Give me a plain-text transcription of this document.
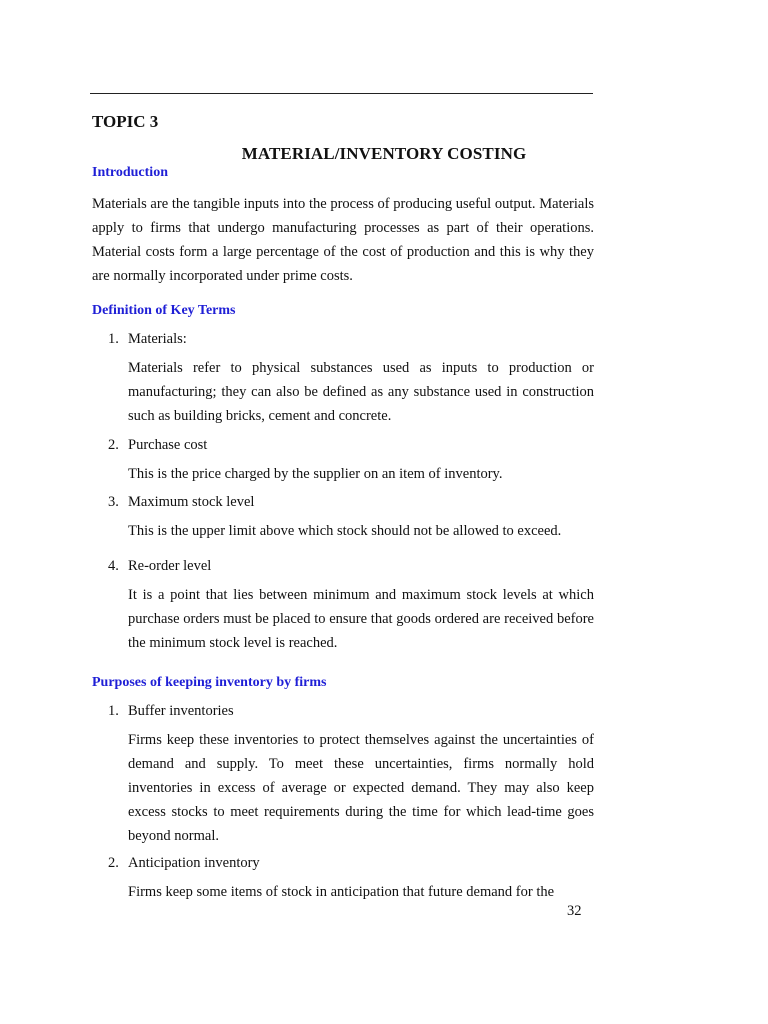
TOPIC 3
MATERIAL/INVENTORY COSTING
Introduction
Materials are the tangible inputs into the process of producing useful output. Materials apply to firms that undergo manufacturing processes as part of their operations. Material costs form a large percentage of the cost of production and this is why they are normally incorporated under prime costs.
Definition of Key Terms
1. Materials:
Materials refer to physical substances used as inputs to production or manufacturing; they can also be defined as any substance used in construction such as building bricks, cement and concrete.
2. Purchase cost
This is the price charged by the supplier on an item of inventory.
3. Maximum stock level
This is the upper limit above which stock should not be allowed to exceed.
4. Re-order level
It is a point that lies between minimum and maximum stock levels at which purchase orders must be placed to ensure that goods ordered are received before the minimum stock level is reached.
Purposes of keeping inventory by firms
1. Buffer inventories
Firms keep these inventories to protect themselves against the uncertainties of demand and supply. To meet these uncertainties, firms normally hold inventories in excess of average or expected demand. They may also keep excess stocks to meet requirements during the time for which lead-time goes beyond normal.
2. Anticipation inventory
Firms keep some items of stock in anticipation that future demand for the
32
